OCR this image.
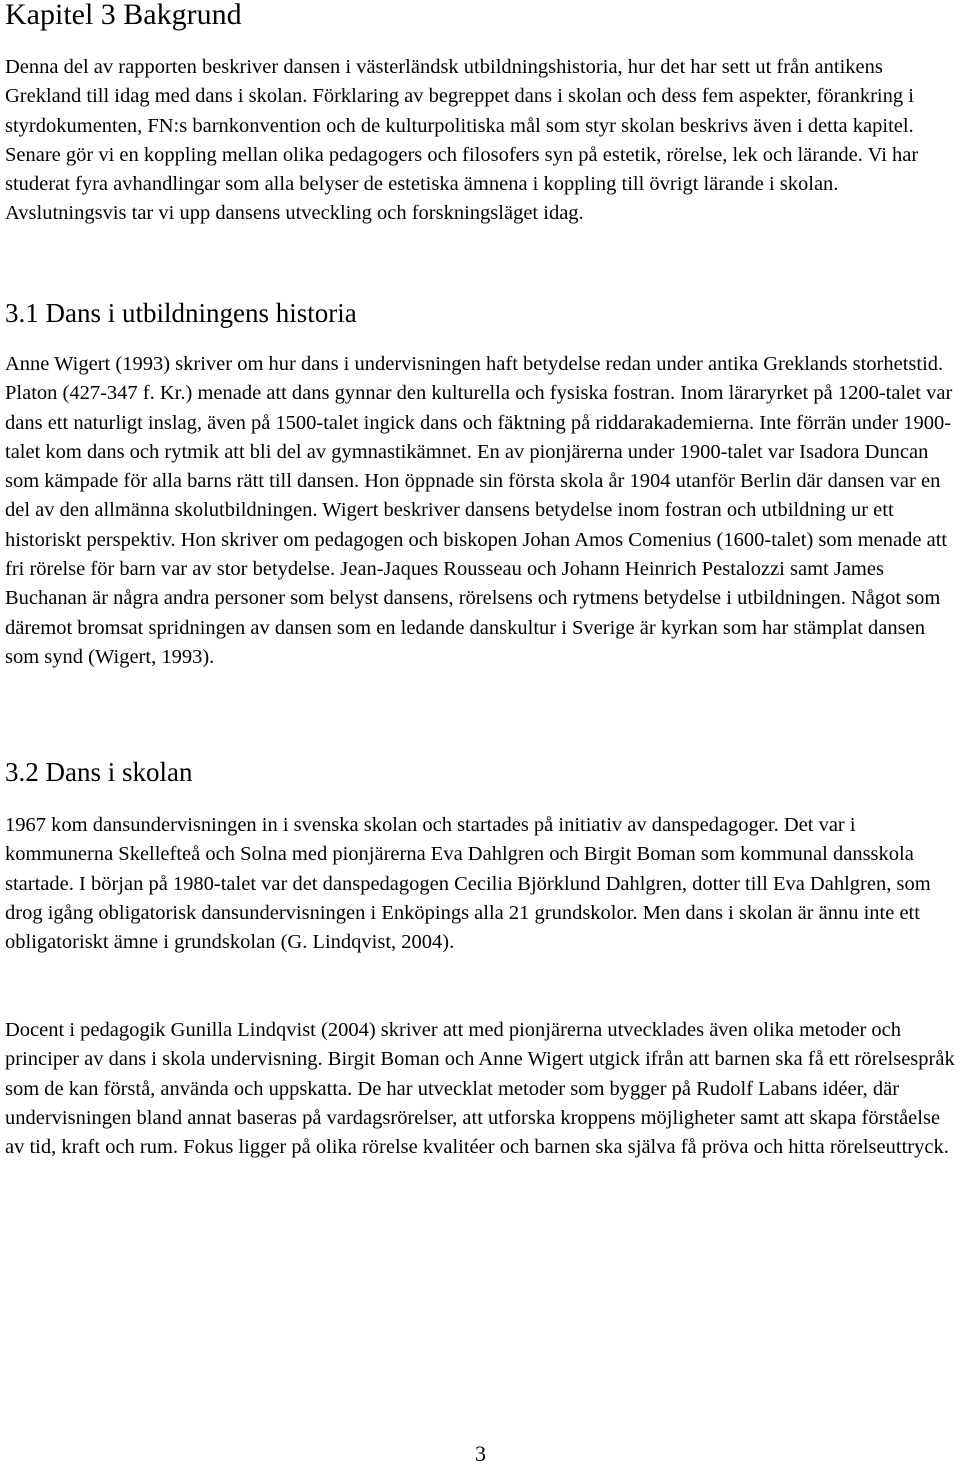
Kapitel 3 Bakgrund

Denna del av rapporten beskriver dansen i västerländsk utbildningshistoria, hur det har sett ut från antikens Grekland till idag med dans i skolan. Förklaring av begreppet dans i skolan och dess fem aspekter, förankring i styrdokumenten, FN:s barnkonvention och de kulturpolitiska mål som styr skolan beskrivs även i detta kapitel. Senare gör vi en koppling mellan olika pedagogers och filosofers syn på estetik, rörelse, lek och lärande. Vi har studerat fyra avhandlingar som alla belyser de estetiska ämnena i koppling till övrigt lärande i skolan. Avslutningsvis tar vi upp dansens utveckling och forskningsläget idag.

3.1 Dans i utbildningens historia

Anne Wigert (1993) skriver om hur dans i undervisningen haft betydelse redan under antika Greklands storhetstid. Platon (427-347 f. Kr.) menade att dans gynnar den kulturella och fysiska fostran. Inom läraryrket på 1200-talet var dans ett naturligt inslag, även på 1500-talet ingick dans och fäktning på riddarakademierna. Inte förrän under 1900-talet kom dans och rytmik att bli del av gymnastikämnet. En av pionjärerna under 1900-talet var Isadora Duncan som kämpade för alla barns rätt till dansen. Hon öppnade sin första skola år 1904 utanför Berlin där dansen var en del av den allmänna skolutbildningen. Wigert beskriver dansens betydelse inom fostran och utbildning ur ett historiskt perspektiv. Hon skriver om pedagogen och biskopen Johan Amos Comenius (1600-talet) som menade att fri rörelse för barn var av stor betydelse. Jean-Jaques Rousseau och Johann Heinrich Pestalozzi samt James Buchanan är några andra personer som belyst dansens, rörelsens och rytmens betydelse i utbildningen. Något som däremot bromsat spridningen av dansen som en ledande danskultur i Sverige är kyrkan som har stämplat dansen som synd (Wigert, 1993).

3.2 Dans i skolan

1967 kom dansundervisningen in i svenska skolan och startades på initiativ av danspedagoger. Det var i kommunerna Skellefteå och Solna med pionjärerna Eva Dahlgren och Birgit Boman som kommunal dansskola startade. I början på 1980-talet var det danspedagogen Cecilia Björklund Dahlgren, dotter till Eva Dahlgren, som drog igång obligatorisk dansundervisningen i Enköpings alla 21 grundskolor. Men dans i skolan är ännu inte ett obligatoriskt ämne i grundskolan (G. Lindqvist, 2004).

Docent i pedagogik Gunilla Lindqvist (2004) skriver att med pionjärerna utvecklades även olika metoder och principer av dans i skola undervisning. Birgit Boman och Anne Wigert utgick ifrån att barnen ska få ett rörelsespråk som de kan förstå, använda och uppskatta. De har utvecklat metoder som bygger på Rudolf Labans idéer, där undervisningen bland annat baseras på vardagsrörelser, att utforska kroppens möjligheter samt att skapa förståelse av tid, kraft och rum. Fokus ligger på olika rörelse kvalitéer och barnen ska själva få pröva och hitta rörelseuttryck.

3
